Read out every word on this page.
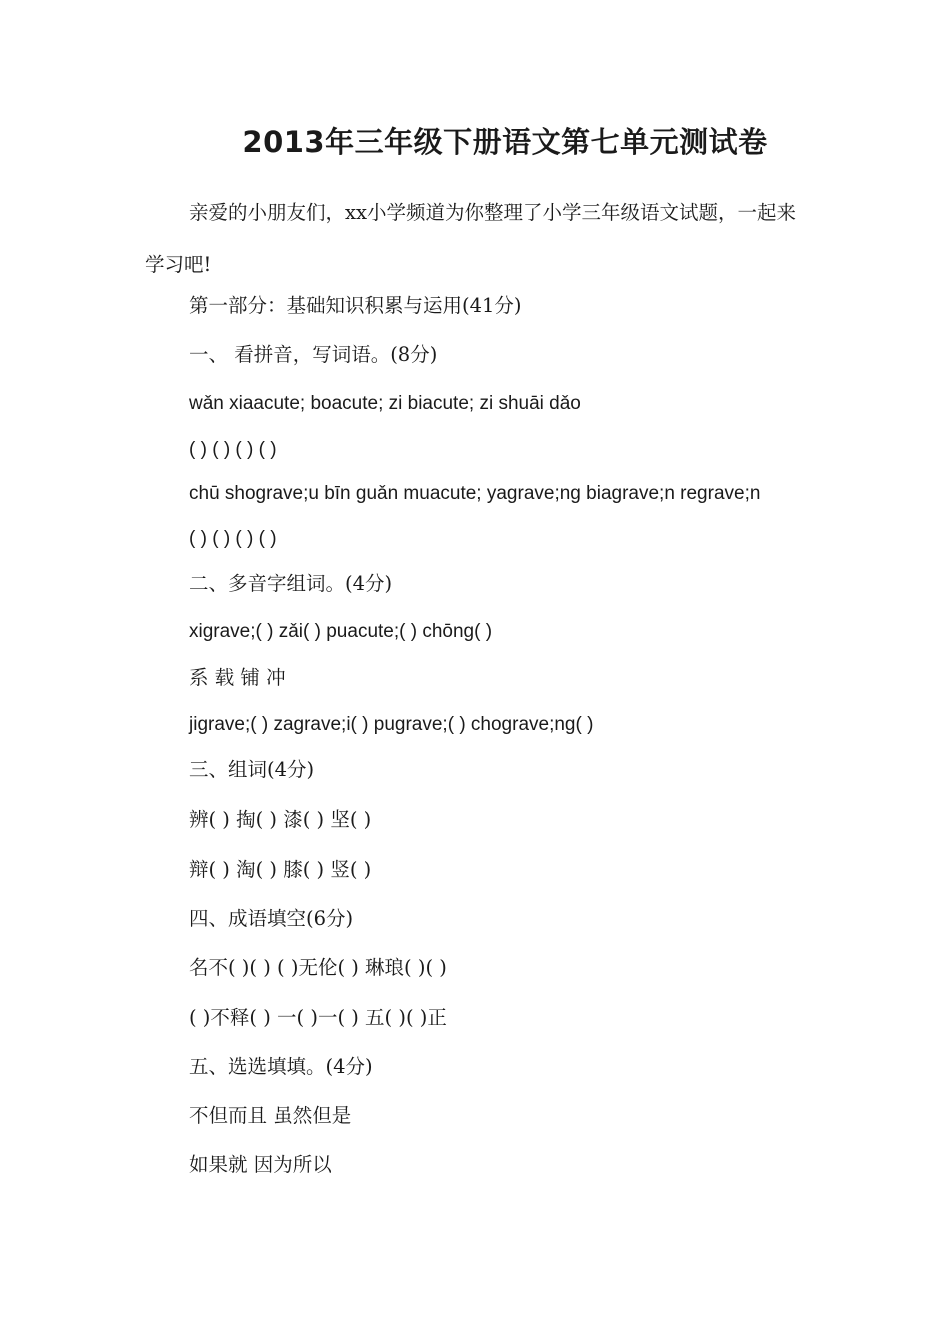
2013年三年级下册语文第七单元测试卷

亲爱的小朋友们，xx小学频道为你整理了小学三年级语文试题，一起来学习吧!

第一部分：基础知识积累与运用(41分)

一、 看拼音，写词语。(8分)

wǎn xiaacute; boacute; zi biacute; zi shuāi dǎo

( ) ( ) ( ) ( )

chū shograve;u bīn guǎn muacute; yagrave;ng biagrave;n regrave;n

( ) ( ) ( ) ( )

二、多音字组词。(4分)

xigrave;( ) zǎi( ) puacute;( ) chōng( )

系 载 铺 冲

jigrave;( ) zagrave;i( ) pugrave;( ) chograve;ng( )

三、组词(4分)

辨( ) 掏( ) 漆( ) 坚( )

辩( ) 淘( ) 膝( ) 竖( )

四、成语填空(6分)

名不( )( ) ( )无伦( ) 琳琅( )( )

( )不释( ) 一( )一( ) 五( )( )正

五、选选填填。(4分)

不但而且 虽然但是

如果就 因为所以
